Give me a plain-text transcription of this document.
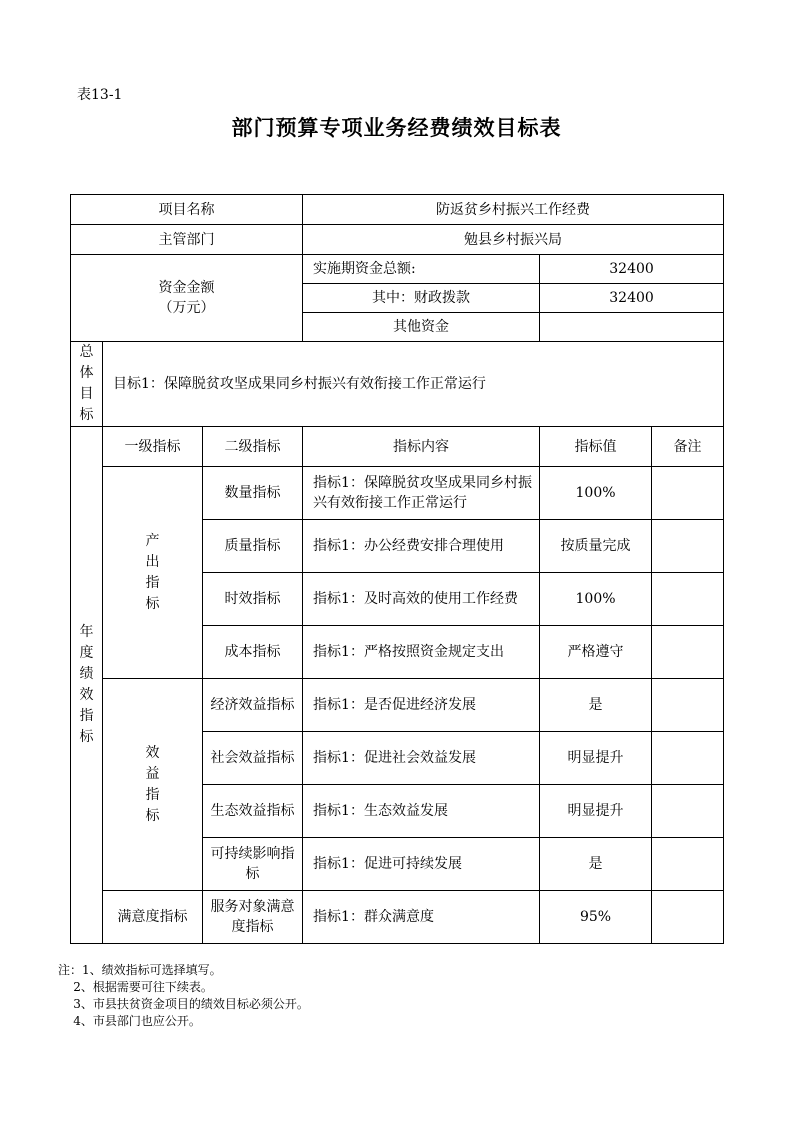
表13-1
部门预算专项业务经费绩效目标表
项目名称			防返贫乡村振兴工作经费		
主管部门			勉县乡村振兴局		

资金金额
（万元）			实施期资金总额:	32400	
			其中：财政拨款	32400	
			其他资金		
总体目标	目标1：保障脱贫攻坚成果同乡村振兴有效衔接工作正常运行				
年度绩效指标	一级指标	二级指标	指标内容	指标值	备注
	产出指标	数量指标	指标1：保障脱贫攻坚成果同乡村振兴有效衔接工作正常运行	100%	
		质量指标	指标1：办公经费安排合理使用	按质量完成	
		时效指标	指标1：及时高效的使用工作经费	100%	
		成本指标	指标1：严格按照资金规定支出	严格遵守	
	效益指标	经济效益指标	指标1：是否促进经济发展	是	
		社会效益指标	指标1：促进社会效益发展	明显提升	
		生态效益指标	指标1：生态效益发展	明显提升	
		可持续影响指标	指标1：促进可持续发展	是	
	满意度指标	服务对象满意度指标	指标1：群众满意度	95%	
注：1、绩效指标可选择填写。
2、根据需要可往下续表。
3、市县扶贫资金项目的绩效目标必须公开。
4、市县部门也应公开。
